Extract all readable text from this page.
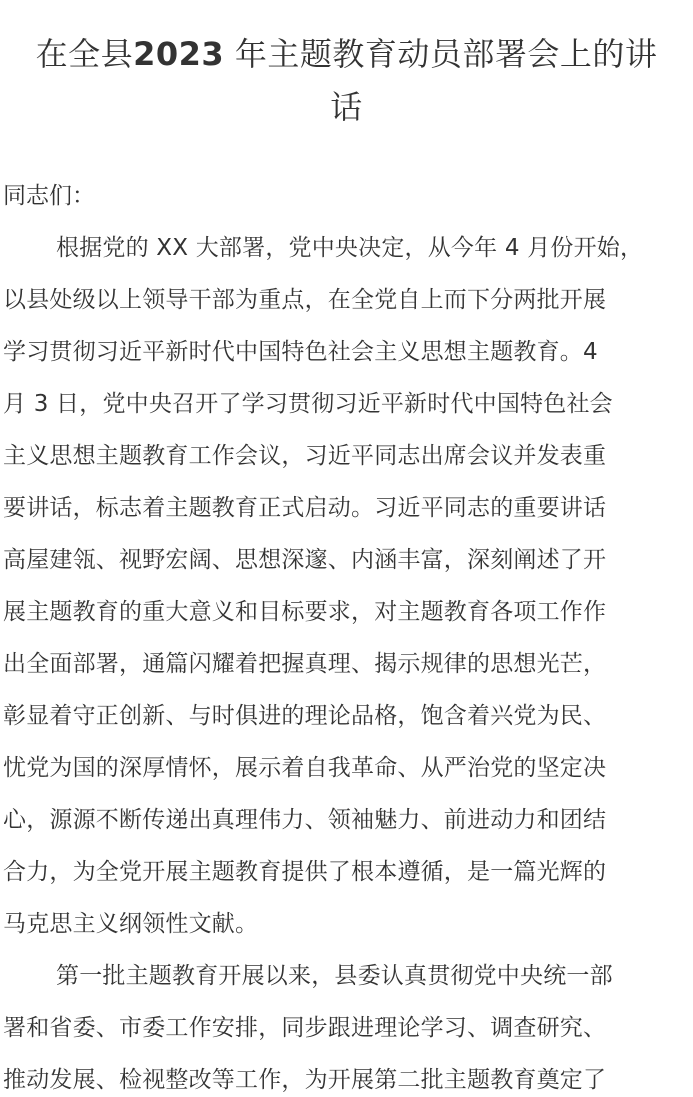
在全县2023 年主题教育动员部署会上的讲
话
同志们：
根据党的 XX 大部署，党中央决定，从今年 4 月份开始，
以县处级以上领导干部为重点，在全党自上而下分两批开展
学习贯彻习近平新时代中国特色社会主义思想主题教育。4
月 3 日，党中央召开了学习贯彻习近平新时代中国特色社会
主义思想主题教育工作会议，习近平同志出席会议并发表重
要讲话，标志着主题教育正式启动。习近平同志的重要讲话
高屋建瓴、视野宏阔、思想深邃、内涵丰富，深刻阐述了开
展主题教育的重大意义和目标要求，对主题教育各项工作作
出全面部署，通篇闪耀着把握真理、揭示规律的思想光芒，
彰显着守正创新、与时俱进的理论品格，饱含着兴党为民、
忧党为国的深厚情怀，展示着自我革命、从严治党的坚定决
心，源源不断传递出真理伟力、领袖魅力、前进动力和团结
合力，为全党开展主题教育提供了根本遵循，是一篇光辉的
马克思主义纲领性文献。
第一批主题教育开展以来，县委认真贯彻党中央统一部
署和省委、市委工作安排，同步跟进理论学习、调查研究、
推动发展、检视整改等工作，为开展第二批主题教育奠定了
